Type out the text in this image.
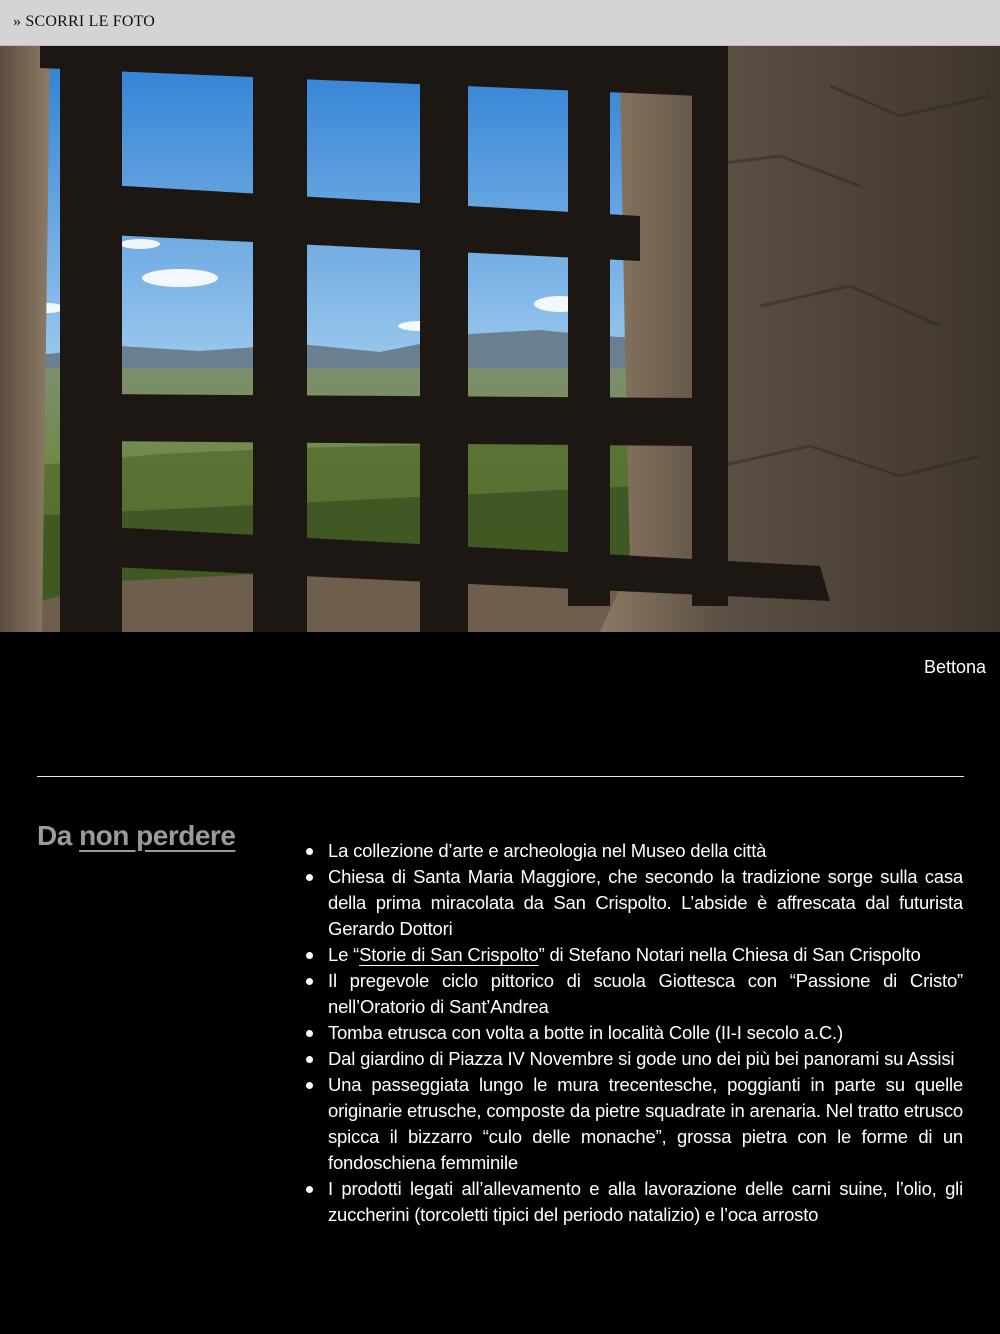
» SCORRI LE FOTO
Bettona
Da non perdere	La collezione d’arte e archeologia nel Museo della città
Chiesa di Santa Maria Maggiore, che secondo la tradizione sorge sulla casa della prima miracolata da San Crispolto. L’abside è affrescata dal futurista Gerardo Dottori
Le “Storie di San Crispolto” di Stefano Notari nella Chiesa di San Crispolto
Il pregevole ciclo pittorico di scuola Giottesca con “Passione di Cristo” nell’Oratorio di Sant’Andrea
Tomba etrusca con volta a botte in località Colle (II-I secolo a.C.)
Dal giardino di Piazza IV Novembre si gode uno dei più bei panorami su Assisi
Una passeggiata lungo le mura trecentesche, poggianti in parte su quelle originarie etrusche, composte da pietre squadrate in arenaria. Nel tratto etrusco spicca il bizzarro “culo delle monache”, grossa pietra con le forme di un fondoschiena femminile
I prodotti legati all’allevamento e alla lavorazione delle carni suine, l’olio, gli zuccherini (torcoletti tipici del periodo natalizio) e l’oca arrosto
